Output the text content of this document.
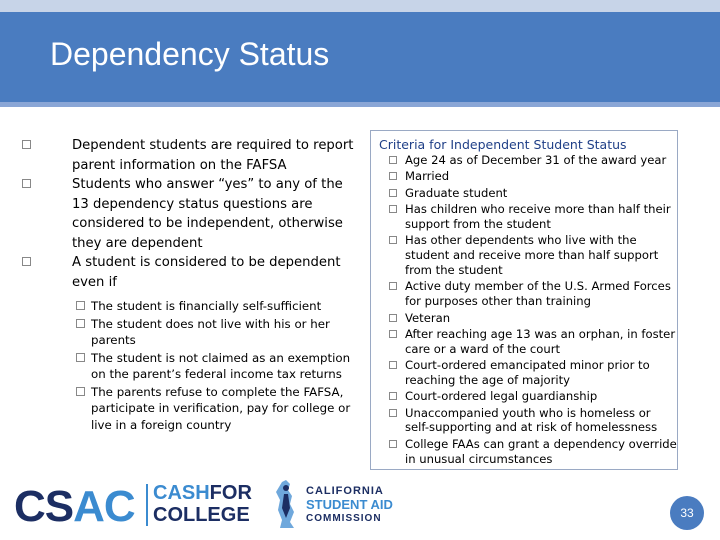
Dependency Status
Dependent students are required to report parent information on the FAFSA
Students who answer “yes” to any of the 13 dependency status questions are considered to be independent, otherwise they are dependent
A student is considered to be dependent even if
The student is financially self-sufficient
The student does not live with his or her parents
The student is not claimed as an exemption on the parent’s federal income tax returns
The parents refuse to complete the FAFSA, participate in verification, pay for college or live in a foreign country
Criteria for Independent Student Status
Age 24 as of December 31 of the award year
Married
Graduate student
Has children who receive more than half their support from the student
Has other dependents who live with the student and receive more than half support from the student
Active duty member of the U.S. Armed Forces for purposes other than training
Veteran
After reaching age 13 was an orphan, in foster care or a ward of the court
Court-ordered emancipated minor prior to reaching the age of majority
Court-ordered legal guardianship
Unaccompanied youth who is homeless or self-supporting and at risk of homelessness
College FAAs can grant a dependency override in unusual circumstances
CSAC CASHFOR
COLLEGE
CALIFORNIA
STUDENT AID
COMMISSION	33
